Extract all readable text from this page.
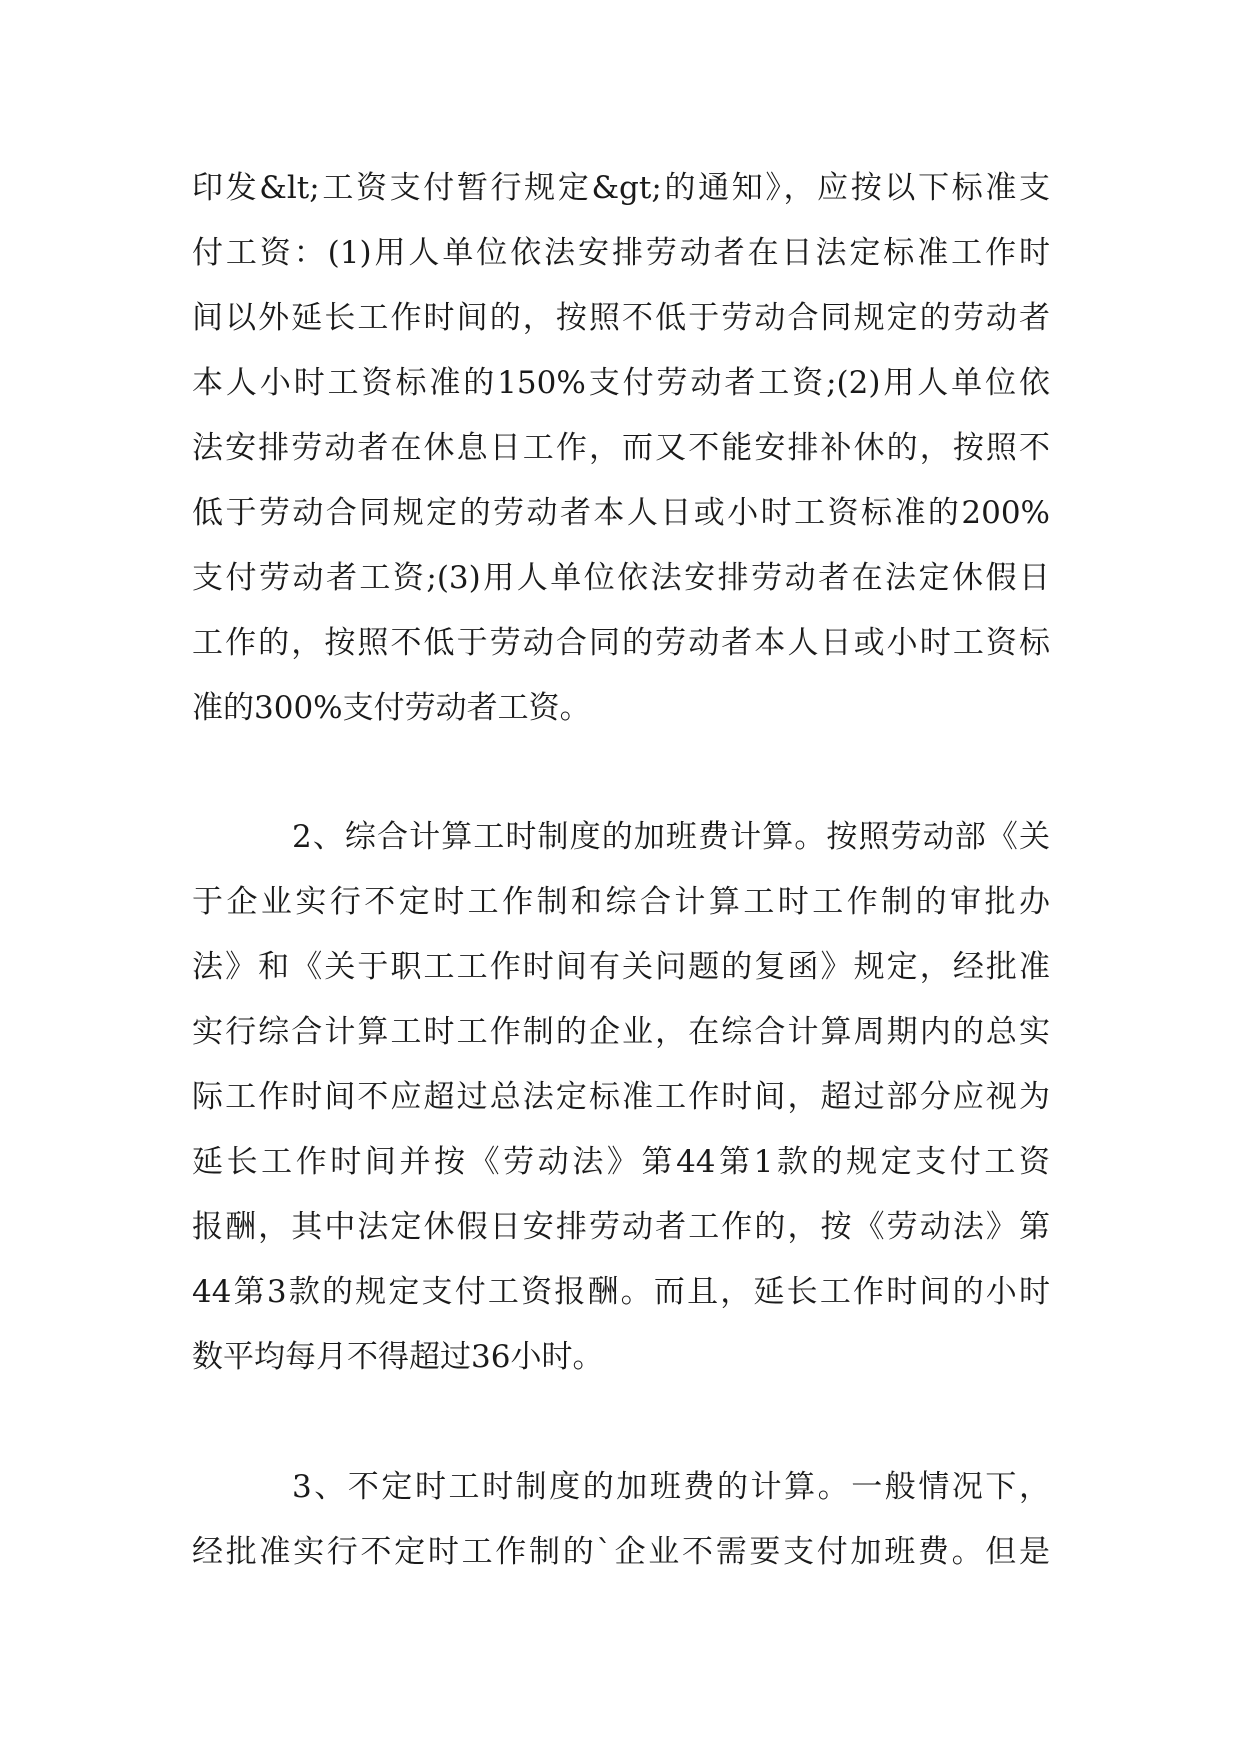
印发&lt;工资支付暂行规定&gt;的通知》，应按以下标准支
付工资：(1)用人单位依法安排劳动者在日法定标准工作时
间以外延长工作时间的，按照不低于劳动合同规定的劳动者
本人小时工资标准的150%支付劳动者工资;(2)用人单位依
法安排劳动者在休息日工作，而又不能安排补休的，按照不
低于劳动合同规定的劳动者本人日或小时工资标准的200%
支付劳动者工资;(3)用人单位依法安排劳动者在法定休假日
工作的，按照不低于劳动合同的劳动者本人日或小时工资标
准的300%支付劳动者工资。
2、综合计算工时制度的加班费计算。按照劳动部《关
于企业实行不定时工作制和综合计算工时工作制的审批办
法》和《关于职工工作时间有关问题的复函》规定，经批准
实行综合计算工时工作制的企业，在综合计算周期内的总实
际工作时间不应超过总法定标准工作时间，超过部分应视为
延长工作时间并按《劳动法》第44第1款的规定支付工资
报酬，其中法定休假日安排劳动者工作的，按《劳动法》第
44第3款的规定支付工资报酬。而且，延长工作时间的小时
数平均每月不得超过36小时。
3、不定时工时制度的加班费的计算。一般情况下，
经批准实行不定时工作制的`企业不需要支付加班费。但是
